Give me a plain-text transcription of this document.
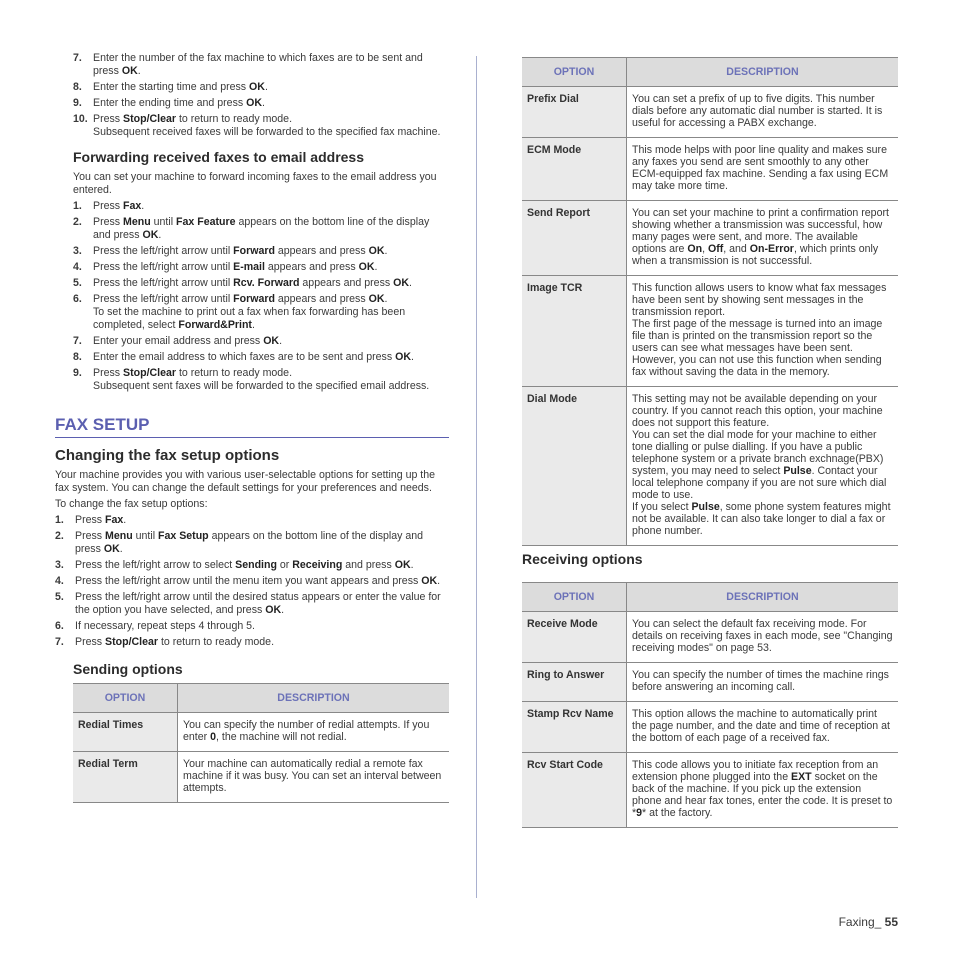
7. Enter the number of the fax machine to which faxes are to be sent and press OK.
8. Enter the starting time and press OK.
9. Enter the ending time and press OK.
10. Press Stop/Clear to return to ready mode.
Subsequent received faxes will be forwarded to the specified fax machine.
Forwarding received faxes to email address
You can set your machine to forward incoming faxes to the email address you entered.
1. Press Fax.
2. Press Menu until Fax Feature appears on the bottom line of the display and press OK.
3. Press the left/right arrow until Forward appears and press OK.
4. Press the left/right arrow until E-mail appears and press OK.
5. Press the left/right arrow until Rcv. Forward appears and press OK.
6. Press the left/right arrow until Forward appears and press OK.
To set the machine to print out a fax when fax forwarding has been completed, select Forward&Print.
7. Enter your email address and press OK.
8. Enter the email address to which faxes are to be sent and press OK.
9. Press Stop/Clear to return to ready mode.
Subsequent sent faxes will be forwarded to the specified email address.
FAX SETUP
Changing the fax setup options
Your machine provides you with various user-selectable options for setting up the fax system. You can change the default settings for your preferences and needs.
To change the fax setup options:
1. Press Fax.
2. Press Menu until Fax Setup appears on the bottom line of the display and press OK.
3. Press the left/right arrow to select Sending or Receiving and press OK.
4. Press the left/right arrow until the menu item you want appears and press OK.
5. Press the left/right arrow until the desired status appears or enter the value for the option you have selected, and press OK.
6. If necessary, repeat steps 4 through 5.
7. Press Stop/Clear to return to ready mode.
Sending options
OPTION	DESCRIPTION
Redial Times	You can specify the number of redial attempts. If you enter 0, the machine will not redial.
Redial Term	Your machine can automatically redial a remote fax machine if it was busy. You can set an interval between attempts.
OPTION	DESCRIPTION
Prefix Dial	You can set a prefix of up to five digits. This number dials before any automatic dial number is started. It is useful for accessing a PABX exchange.
ECM Mode	This mode helps with poor line quality and makes sure any faxes you send are sent smoothly to any other ECM-equipped fax machine. Sending a fax using ECM may take more time.
Send Report	You can set your machine to print a confirmation report showing whether a transmission was successful, how many pages were sent, and more. The available options are On, Off, and On-Error, which prints only when a transmission is not successful.
Image TCR	This function allows users to know what fax messages have been sent by showing sent messages in the transmission report.
The first page of the message is turned into an image file than is printed on the transmission report so the users can see what messages have been sent.
However, you can not use this function when sending fax without saving the data in the memory.
Dial Mode	This setting may not be available depending on your country. If you cannot reach this option, your machine does not support this feature.
You can set the dial mode for your machine to either tone dialling or pulse dialling. If you have a public telephone system or a private branch exchnage(PBX) system, you may need to select Pulse. Contact your local telephone company if you are not sure which dial mode to use.
If you select Pulse, some phone system features might not be available. It can also take longer to dial a fax or phone number.
Receiving options
OPTION	DESCRIPTION
Receive Mode	You can select the default fax receiving mode. For details on receiving faxes in each mode, see "Changing receiving modes" on page 53.
Ring to Answer	You can specify the number of times the machine rings before answering an incoming call.
Stamp Rcv Name	This option allows the machine to automatically print the page number, and the date and time of reception at the bottom of each page of a received fax.
Rcv Start Code	This code allows you to initiate fax reception from an extension phone plugged into the EXT socket on the back of the machine. If you pick up the extension phone and hear fax tones, enter the code. It is preset to *9* at the factory.
Faxing_ 55
